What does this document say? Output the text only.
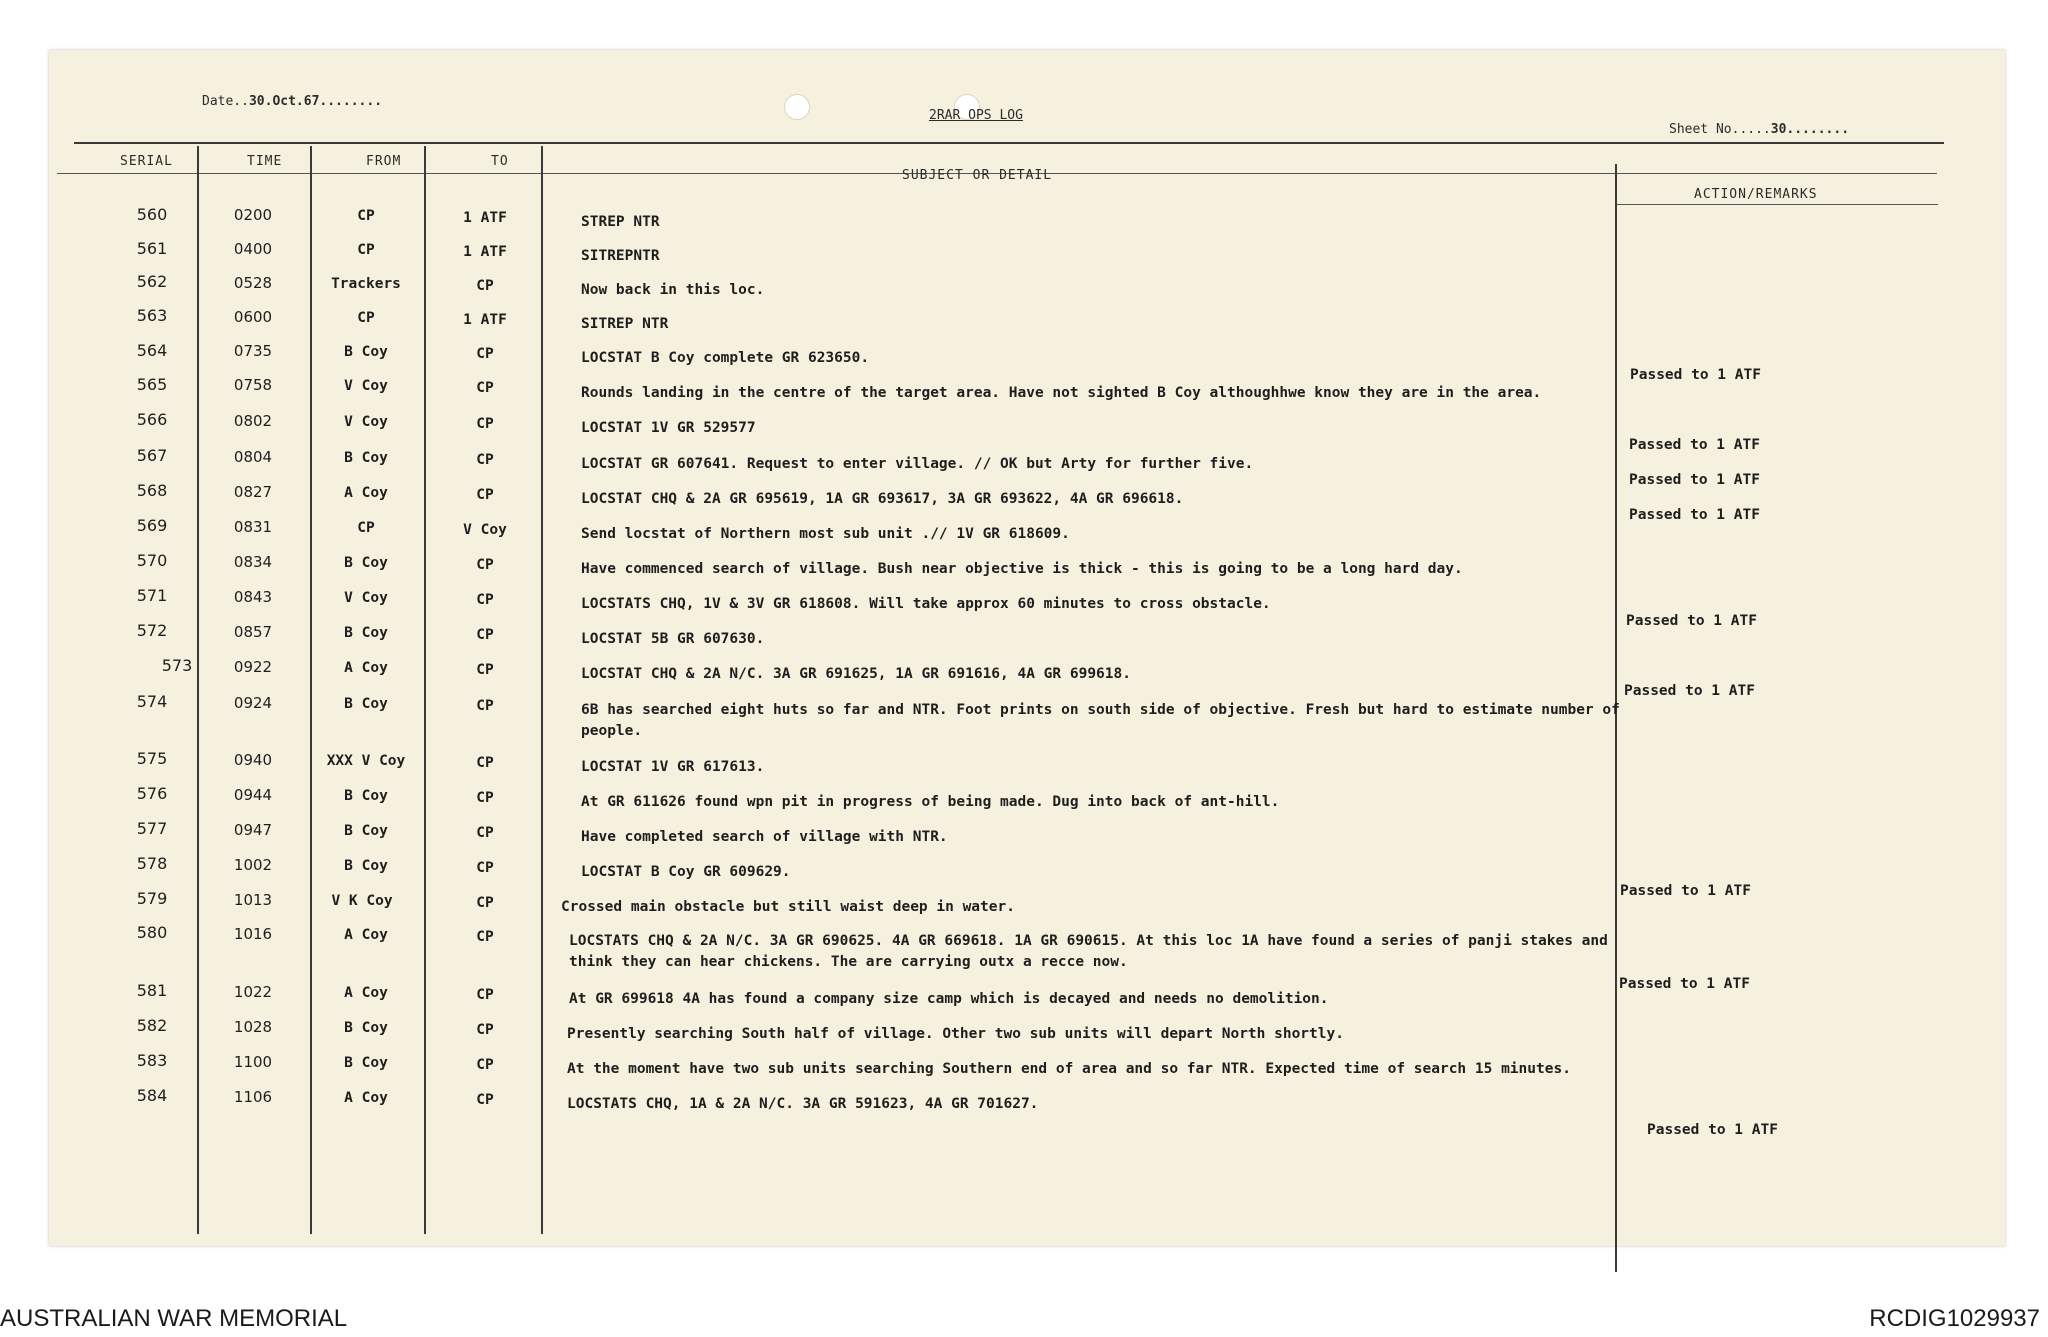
Date..30.Oct.67........
2RAR OPS LOG
Sheet No.....30........
SERIAL	TIME	FROM	TO
SUBJECT OR DETAIL
ACTION/REMARKS
560	0200	CP	1 ATF	STREP NTR
561	0400	CP	1 ATF	SITREPNTR
562	0528	Trackers	CP	Now back in this loc.
563	0600	CP	1 ATF	SITREP NTR
564	0735	B Coy	CP	LOCSTAT B Coy complete GR 623650.
565	0758	V Coy	CP	Rounds landing in the centre of the target area. Have not sighted B Coy althoughhwe know they are in the area.
Passed to 1 ATF
566	0802	V Coy	CP	LOCSTAT 1V GR 529577
567	0804	B Coy	CP	LOCSTAT GR 607641. Request to enter village. // OK but Arty for further five.
Passed to 1 ATF
568	0827	A Coy	CP	LOCSTAT CHQ & 2A GR 695619, 1A GR 693617, 3A GR 693622, 4A GR 696618.
Passed to 1 ATF
569	0831	CP	V Coy	Send locstat of Northern most sub unit .// 1V GR 618609.
Passed to 1 ATF
570	0834	B Coy	CP	Have commenced search of village. Bush near objective is thick - this is going to be a long hard day.
571	0843	V Coy	CP	LOCSTATS CHQ, 1V & 3V GR 618608. Will take approx 60 minutes to cross obstacle.
572	0857	B Coy	CP	LOCSTAT 5B GR 607630.
Passed to 1 ATF
573	0922	A Coy	CP	LOCSTAT CHQ & 2A N/C. 3A GR 691625, 1A GR 691616, 4A GR 699618.
574	0924	B Coy	CP	6B has searched eight huts so far and NTR. Foot prints on south side of objective. Fresh but hard to estimate number of people.
Passed to 1 ATF
575	0940	XXX V Coy	CP	LOCSTAT 1V GR 617613.
576	0944	B Coy	CP	At GR 611626 found wpn pit in progress of being made. Dug into back of ant-hill.
577	0947	B Coy	CP	Have completed search of village with NTR.
578	1002	B Coy	CP	LOCSTAT B Coy GR 609629.
579	1013	V K Coy	CP	Crossed main obstacle but still waist deep in water.
Passed to 1 ATF
580	1016	A Coy	CP	LOCSTATS CHQ & 2A N/C. 3A GR 690625. 4A GR 669618. 1A GR 690615. At this loc 1A have found a series of panji stakes and think they can hear chickens. The are carrying outx a recce now.
581	1022	A Coy	CP	At GR 699618 4A has found a company size camp which is decayed and needs no demolition.
Passed to 1 ATF
582	1028	B Coy	CP	Presently searching South half of village. Other two sub units will depart North shortly.
583	1100	B Coy	CP	At the moment have two sub units searching Southern end of area and so far NTR. Expected time of search 15 minutes.
584	1106	A Coy	CP	LOCSTATS CHQ, 1A & 2A N/C. 3A GR 591623, 4A GR 701627.
Passed to 1 ATF
AUSTRALIAN WAR MEMORIAL	RCDIG1029937
